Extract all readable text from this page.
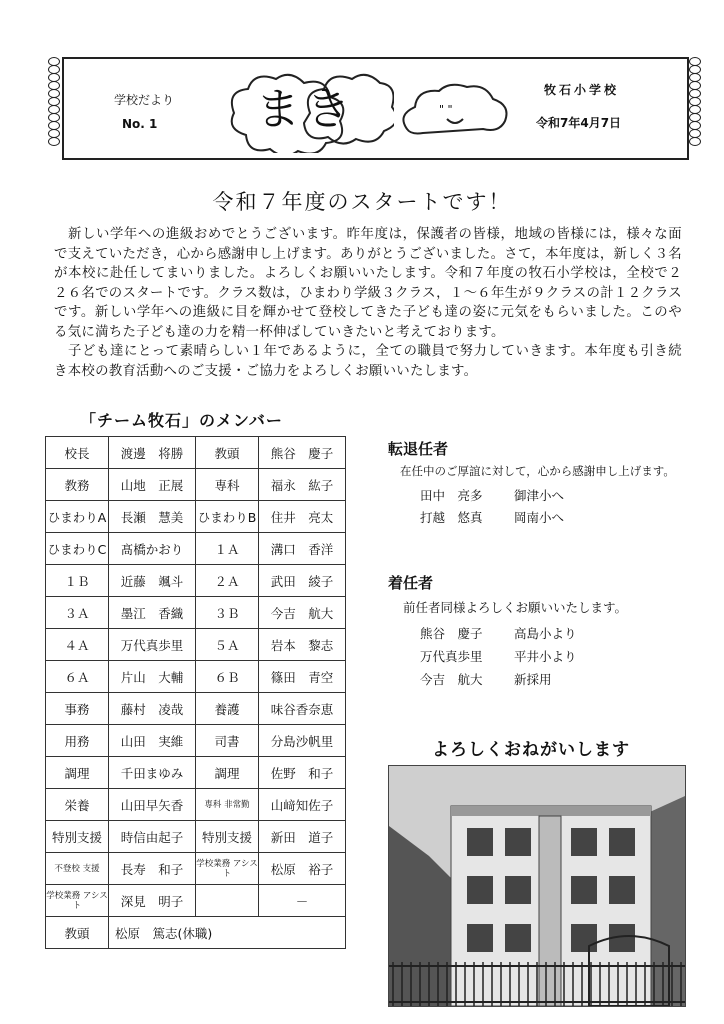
学校だより
No. 1 まき	" "
牧石小学校
令和7年4月7日
令和７年度のスタートです！

　新しい学年への進級おめでとうございます。昨年度は，保護者の皆様，地域の皆様には，様々な面で支えていただき，心から感謝申し上げます。ありがとうございました。さて，本年度は，新しく３名が本校に赴任してまいりました。よろしくお願いいたします。令和７年度の牧石小学校は，全校で２２６名でのスタートです。クラス数は，ひまわり学級３クラス，１～６年生が９クラスの計１２クラスです。新しい学年への進級に目を輝かせて登校してきた子ども達の姿に元気をもらいました。このやる気に満ちた子ども達の力を精一杯伸ばしていきたいと考えております。

　子ども達にとって素晴らしい１年であるように，全ての職員で努力していきます。本年度も引き続き本校の教育活動へのご支援・ご協力をよろしくお願いいたします。

「チーム牧石」のメンバー
校長	渡邊　将勝	教頭	熊谷　慶子
教務	山地　正展	専科	福永　紘子
ひまわりA	長瀬　慧美	ひまわりB	住井　亮太
ひまわりC	髙橋かおり	１Ａ	溝口　香洋
１Ｂ	近藤　颯斗	２Ａ	武田　綾子
３Ａ	墨江　香織	３Ｂ	今吉　航大
４Ａ	万代真歩里	５Ａ	岩本　黎志
６Ａ	片山　大輔	６Ｂ	篠田　青空
事務	藤村　凌哉	養護	味谷香奈恵
用務	山田　実維	司書	分島沙帆里
調理	千田まゆみ	調理	佐野　和子
栄養	山田早矢香	専科 非常勤	山﨑知佐子
特別支援	時信由起子	特別支援	新田　道子
不登校 支援	長寿　和子	学校業務 アシスト	松原　裕子
学校業務 アシスト	深見　明子		－
教頭	松原　篤志(休職)		
転退任者
在任中のご厚誼に対して，心から感謝申し上げます。
田中　亮多	御津小へ
打越　悠真	岡南小へ
着任者
前任者同様よろしくお願いいたします。
熊谷　慶子	高島小より
万代真歩里	平井小より
今吉　航大	新採用
よろしくおねがいします
